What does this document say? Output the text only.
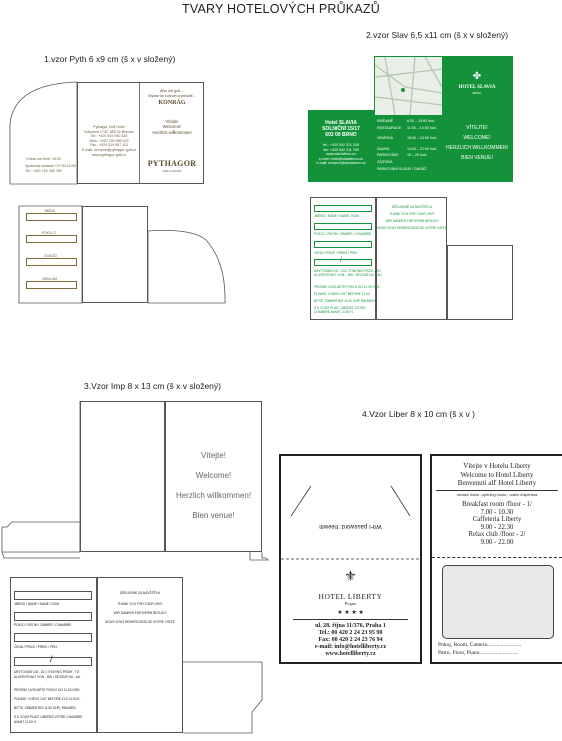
TVARY HOTELOVÝCH PRŮKAZŮ
1.vzor Pyth 6 x9 cm (š x v složený)
Pythagor Golf Hotel
Sokolová 1742, 690 02 Břeclav
Tel.: +420 519 940 345
Mob.: +420 725 956 029
Fax.: +420 519 957 110
E-mail: recepce@pythagor-golf.cz
www.pythagor-golf.cz
Also red golf....
Mystar ke kurzum a pohodě...
KONRÁG
Vítejte!
Welcome!
Herzlich willkommen!
PYTHAGOR
GOLF HOTEL
Check out time: 10:00
Spolecna snidane / 07:00-10:00
Tel.: +420 726 246 789
JMÉNO
POKOJ Č.
ODJEZD
OBSLUHA
2.vzor Slav 6,5 x11 cm (š x v složený)
Hotel SLAVIA
SOLNIČNÍ 15/17
602 00 BRNO
tel.: +420 542 321 249
fax: +420 542 211 769
www.slaviabrno.cz
e-mail: hotel@slaviabrno.cz
e-mail: recepce@slaviabrno.cz
SNÍDANĚ	6:30 – 10:00 hod.
RESTAURACE 11:00 – 14:00 hod.
VINÁRNA	18:00 – 24:00 hod.
SAUNA	14:00 – 21:00 hod.
PARKOVÁNÍ	15 – 20 hod.
ZÁSTAVA
PARKOVÁNÍ SLAVIE / GARÁŽ
✤
HOTEL SLAVIA
BRNO
VÍTEJTE!
WELCOME!
HERZLICH WILLKOMMEN!
BIEN VENUE!
JMÉNO / NAME / NAME / NOM
POKOJ / ROOM / ZIMMER / CHAMBRE
CENA / PRICE / PREIS / PRIX
/
UBYTOVÁNÍ OD – DO / STAYING FROM – TO
ALUFENTHALT VON – BIS / SÉJOUR DU – AU
PROSÍM, UVOLNĚTE POKOJ DO 11:00 HOD.
PLEASE, CHECK OUT BEFORE 11:00
BITTE, ZIMMER BIS 11:00 UHR RÄUMEN
S'IL VOUS PLAIT, LIBEREZ VOTRE CHAMBRE AVANT 11:00 H.
DĚKUJEME ZA NÁVŠTĚVU
THANK YOU FOR YOUR VISIT
WIR DANKEN FÜR IHREN BESUCH
NOUS VOUS REMERCIONS DE VOTRE VISITE
3.Vzor Imp 8 x 13 cm (š x v složený)
Vítejte!
Welcome!
Herzlich willkommen!
Bien venue!
JMÉNO / NAME / NAME / NOM
POKOJ / ROOM / ZIMMER / CHAMBRE
CENA / PRICE / PREIS / PRIX
/
UBYTOVÁNÍ OD - DO / STAYING FROM - TO
ALUFENTHALT VON - BIS / SÉJOUR DU - AU
PROSÍM, UVOLNĚTE POKOJ DO 11:00 HOD.
PLEASE, CHECK OUT BEFORE 11:0 CLOCK.
BITTE, ZIMMER BIS 11:00 UHR, RÄUMEN.
S'IL VOUS PLAIT, LIBEREZ VOTRE CHAMBRE
AVANT 11:00 H.
DĚKUJEME ZA NÁVŠTĚVU
THANK YOU FOR YOUR VISIT
WIR DANKEN FÜR IHREN BESUCH
NOUS VOUS REMERCIONS DE VOTRE VISITE
4.Vzor Liber 8 x 10 cm (š x v )
WIFI password: freewifi
⚜
HOTEL LIBERTY
Prague
★ ★ ★ ★
ul. 28. října 11/376, Praha 1
Tel.: 00 420 2 24 23 95 98
Fax: 00 420 2 24 23 76 94
e-mail: info@hotelliberty.cz
www.hotelliberty.cz
Vítejte v Hotelu Liberty
Welcome to Hotel Liberty
Benvenuti all' Hotel Liberty
otvírací doba - opening hours - orario d'apertura
Breakfast room /floor - 1/
7.00 - 10.30
Caffeteria Liberty
9.00 - 22.30
Relax club /floor - 2/
9.00 - 22.00
Pokoj, Room, Camera.........................
Patro, Floor, Piano............................
